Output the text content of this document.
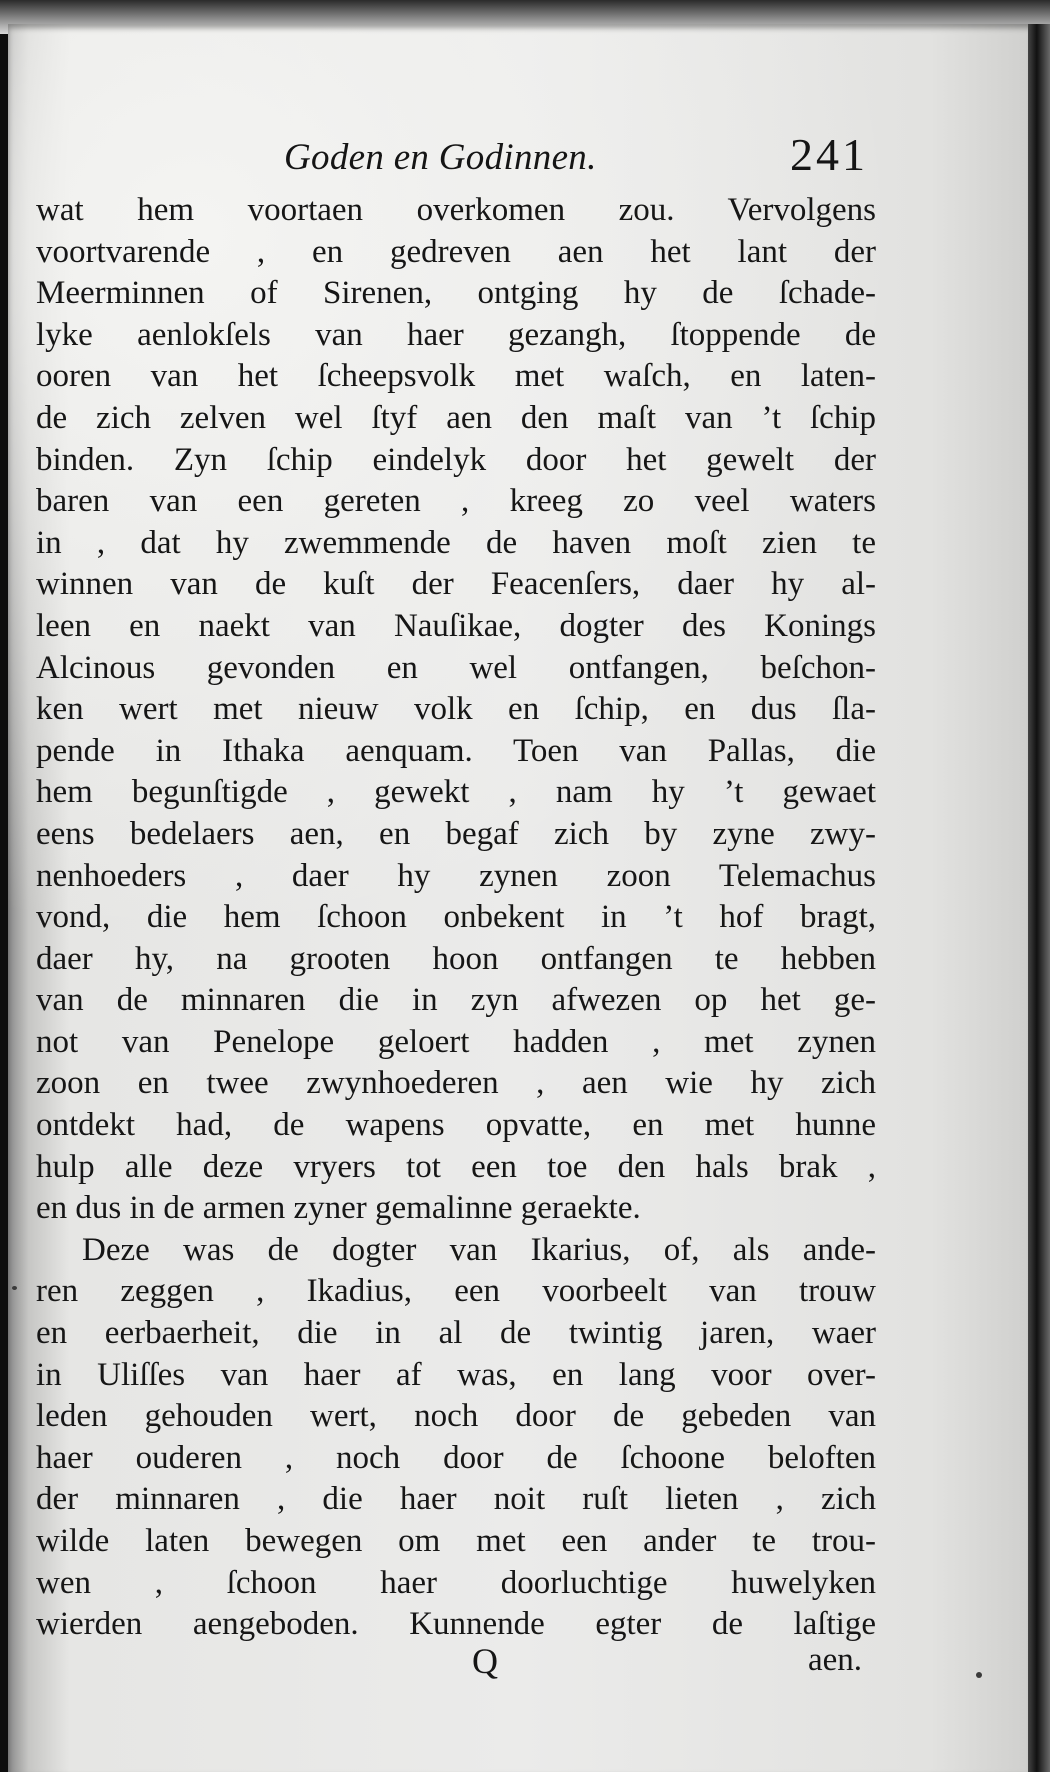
Goden en Godinnen.	241
wat hem voortaen overkomen zou. Vervolgens
voortvarende , en gedreven aen het lant der
Meerminnen of Sirenen, ontging hy de ſchade-
lyke aenlokſels van haer gezangh, ſtoppende de
ooren van het ſcheepsvolk met waſch, en laten-
de zich zelven wel ſtyf aen den maſt van ’t ſchip
binden. Zyn ſchip eindelyk door het gewelt der
baren van een gereten , kreeg zo veel waters
in , dat hy zwemmende de haven moſt zien te
winnen van de kuſt der Feacenſers, daer hy al-
leen en naekt van Nauſikae, dogter des Konings
Alcinous gevonden en wel ontfangen, beſchon-
ken wert met nieuw volk en ſchip, en dus ſla-
pende in Ithaka aenquam. Toen van Pallas, die
hem begunſtigde , gewekt , nam hy ’t gewaet
eens bedelaers aen, en begaf zich by zyne zwy-
nenhoeders , daer hy zynen zoon Telemachus
vond, die hem ſchoon onbekent in ’t hof bragt,
daer hy, na grooten hoon ontfangen te hebben
van de minnaren die in zyn afwezen op het ge-
not van Penelope geloert hadden , met zynen
zoon en twee zwynhoederen , aen wie hy zich
ontdekt had, de wapens opvatte, en met hunne
hulp alle deze vryers tot een toe den hals brak ,
en dus in de armen zyner gemalinne geraekte.
Deze was de dogter van Ikarius, of, als ande-
ren zeggen , Ikadius, een voorbeelt van trouw
en eerbaerheit, die in al de twintig jaren, waer
in Uliſſes van haer af was, en lang voor over-
leden gehouden wert, noch door de gebeden van
haer ouderen , noch door de ſchoone beloften
der minnaren , die haer noit ruſt lieten , zich
wilde laten bewegen om met een ander te trou-
wen , ſchoon haer doorluchtige huwelyken
wierden aengeboden. Kunnende egter de laſtige
Q	aen.
